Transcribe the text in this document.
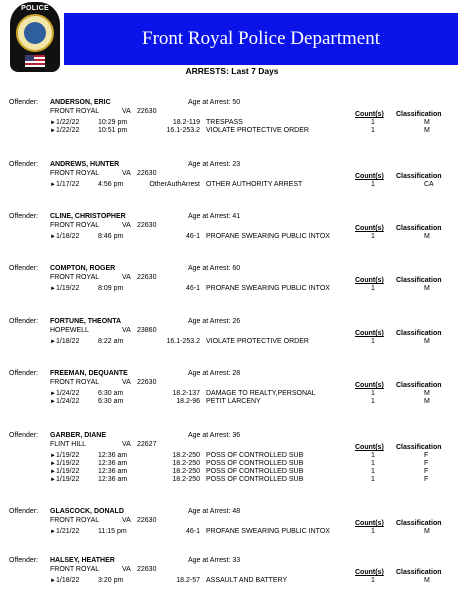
POLICE
Front Royal Police Department
ARRESTS: Last 7 Days
Offender: ANDERSON, ERIC	Age at Arrest: 50
FRONT ROYAL	VA 22630	Count(s) Classification
► 1/22/22	10:29 pm	18.2-119 TRESPASS	1	M
► 1/22/22	10:51 pm	16.1-253.2 VIOLATE PROTECTIVE ORDER	1	M
Offender: ANDREWS, HUNTER	Age at Arrest: 23
FRONT ROYAL	VA 22630	Count(s) Classification
► 1/17/22	4:56 pm	OtherAuthArrest OTHER AUTHORITY ARREST	1	CA
Offender: CLINE, CHRISTOPHER	Age at Arrest: 41
FRONT ROYAL	VA 22630	Count(s) Classification
► 1/18/22	8:46 pm	46-1 PROFANE SWEARING PUBLIC INTOX	1	M
Offender: COMPTON, ROGER	Age at Arrest: 60
FRONT ROYAL	VA 22630	Count(s) Classification
► 1/19/22	8:09 pm	46-1 PROFANE SWEARING PUBLIC INTOX	1	M
Offender: FORTUNE, THEONTA	Age at Arrest: 26
HOPEWELL	VA 23860	Count(s) Classification
► 1/18/22	8:22 am	16.1-253.2 VIOLATE PROTECTIVE ORDER	1	M
Offender: FREEMAN, DEQUANTE	Age at Arrest: 28
FRONT ROYAL	VA 22630	Count(s) Classification
► 1/24/22	6:30 am	18.2-137 DAMAGE TO REALTY,PERSONAL	1	M
► 1/24/22	6:30 am	18.2-96 PETIT LARCENY	1	M
Offender: GARBER, DIANE	Age at Arrest: 36
FLINT HILL	VA 22627	Count(s) Classification
► 1/19/22	12:36 am	18.2-250 POSS OF CONTROLLED SUB	1	F
► 1/19/22	12:36 am	18.2-250 POSS OF CONTROLLED SUB	1	F
► 1/19/22	12:36 am	18.2-250 POSS OF CONTROLLED SUB	1	F
► 1/19/22	12:36 am	18.2-250 POSS OF CONTROLLED SUB	1	F
Offender: GLASCOCK, DONALD	Age at Arrest: 48
FRONT ROYAL	VA 22630	Count(s) Classification
► 1/21/22	11:15 pm	46-1 PROFANE SWEARING PUBLIC INTOX	1	M
Offender: HALSEY, HEATHER	Age at Arrest: 33
FRONT ROYAL	VA 22630	Count(s) Classification
► 1/18/22	3:20 pm	18.2-57 ASSAULT AND BATTERY	1	M
